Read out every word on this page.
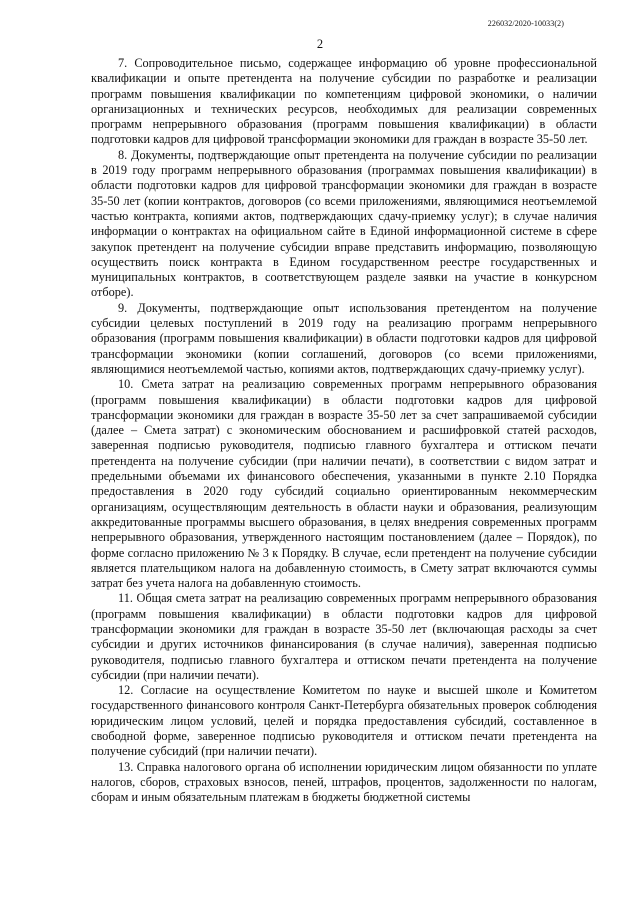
226032/2020-10033(2)
2

7. Сопроводительное письмо, содержащее информацию об уровне профессиональной квалификации и опыте претендента на получение субсидии по разработке и реализации программ повышения квалификации по компетенциям цифровой экономики, о наличии организационных и технических ресурсов, необходимых для реализации современных программ непрерывного образования (программ повышения квалификации) в области подготовки кадров для цифровой трансформации экономики для граждан в возрасте 35-50 лет.

8. Документы, подтверждающие опыт претендента на получение субсидии по реализации в 2019 году программ непрерывного образования (программах повышения квалификации) в области подготовки кадров для цифровой трансформации экономики для граждан в возрасте 35-50 лет (копии контрактов, договоров (со всеми приложениями, являющимися неотъемлемой частью контракта, копиями актов, подтверждающих сдачу-приемку услуг); в случае наличия информации о контрактах на официальном сайте в Единой информационной системе в сфере закупок претендент на получение субсидии вправе представить информацию, позволяющую осуществить поиск контракта в Едином государственном реестре государственных и муниципальных контрактов, в соответствующем разделе заявки на участие в конкурсном отборе).

9. Документы, подтверждающие опыт использования претендентом на получение субсидии целевых поступлений в 2019 году на реализацию программ непрерывного образования (программ повышения квалификации) в области подготовки кадров для цифровой трансформации экономики (копии соглашений, договоров (со всеми приложениями, являющимися неотъемлемой частью, копиями актов, подтверждающих сдачу-приемку услуг).

10. Смета затрат на реализацию современных программ непрерывного образования (программ повышения квалификации) в области подготовки кадров для цифровой трансформации экономики для граждан в возрасте 35-50 лет за счет запрашиваемой субсидии (далее – Смета затрат) с экономическим обоснованием и расшифровкой статей расходов, заверенная подписью руководителя, подписью главного бухгалтера и оттиском печати претендента на получение субсидии (при наличии печати), в соответствии с видом затрат и предельными объемами их финансового обеспечения, указанными в пункте 2.10 Порядка предоставления в 2020 году субсидий социально ориентированным некоммерческим организациям, осуществляющим деятельность в области науки и образования, реализующим аккредитованные программы высшего образования, в целях внедрения современных программ непрерывного образования, утвержденного настоящим постановлением (далее – Порядок), по форме согласно приложению № 3 к Порядку. В случае, если претендент на получение субсидии является плательщиком налога на добавленную стоимость, в Смету затрат включаются суммы затрат без учета налога на добавленную стоимость.

11. Общая смета затрат на реализацию современных программ непрерывного образования (программ повышения квалификации) в области подготовки кадров для цифровой трансформации экономики для граждан в возрасте 35-50 лет (включающая расходы за счет субсидии и других источников финансирования (в случае наличия), заверенная подписью руководителя, подписью главного бухгалтера и оттиском печати претендента на получение субсидии (при наличии печати).

12. Согласие на осуществление Комитетом по науке и высшей школе и Комитетом государственного финансового контроля Санкт-Петербурга обязательных проверок соблюдения юридическим лицом условий, целей и порядка предоставления субсидий, составленное в свободной форме, заверенное подписью руководителя и оттиском печати претендента на получение субсидий (при наличии печати).

13. Справка налогового органа об исполнении юридическим лицом обязанности по уплате налогов, сборов, страховых взносов, пеней, штрафов, процентов, задолженности по налогам, сборам и иным обязательным платежам в бюджеты бюджетной системы
